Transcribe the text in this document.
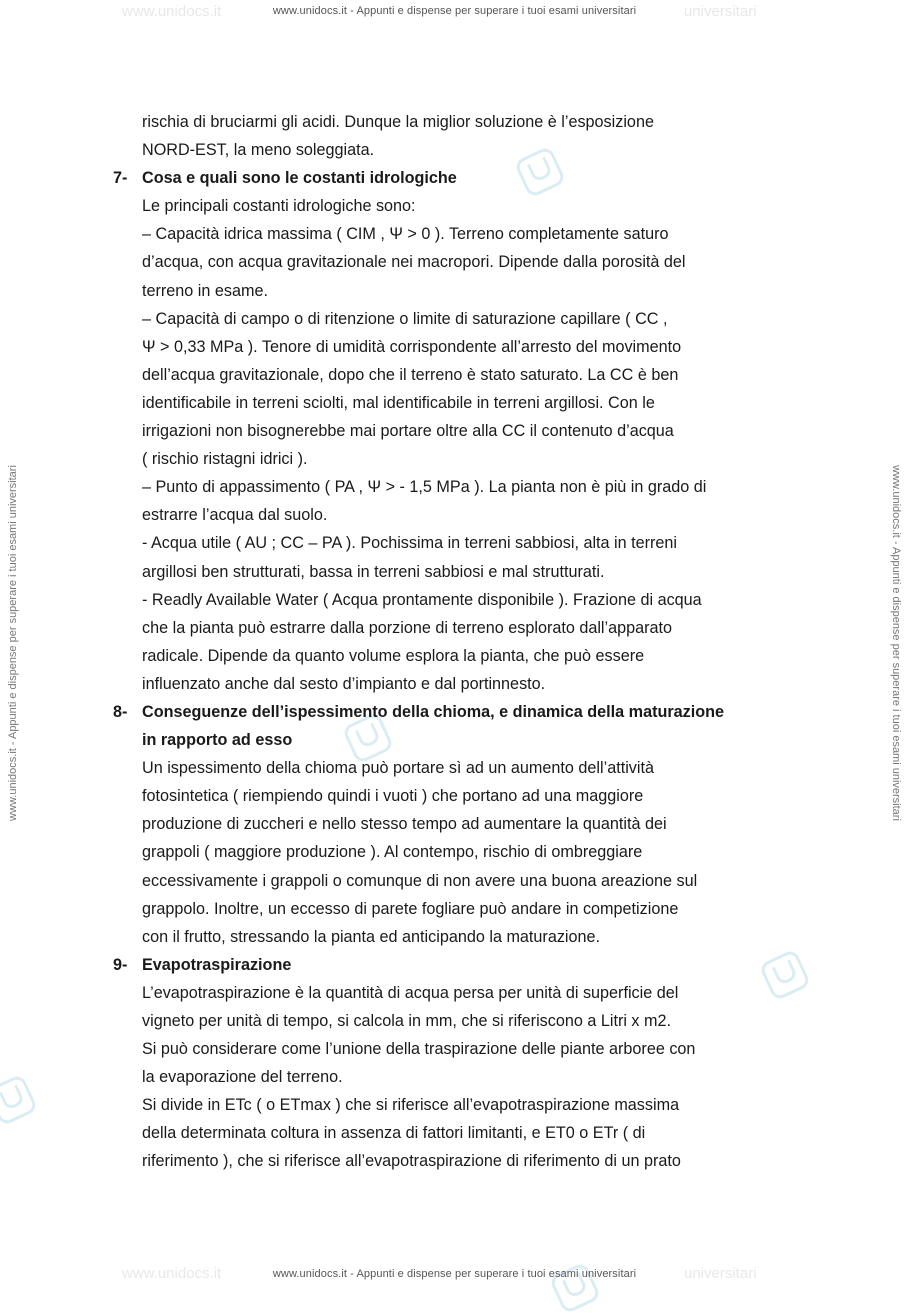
www.unidocs.it	universitari
www.unidocs.it	universitari
www.unidocs.it - Appunti e dispense per superare i tuoi esami universitari
www.unidocs.it - Appunti e dispense per superare i tuoi esami universitari
www.unidocs.it - Appunti e dispense per superare i tuoi esami universitari	www.unidocs.it - Appunti e dispense per superare i tuoi esami universitari

rischia di bruciarmi gli acidi. Dunque la miglior soluzione è l’esposizione

NORD-EST, la meno soleggiata.

7- Cosa e quali sono le costanti idrologiche

Le principali costanti idrologiche sono:

– Capacità idrica massima ( CIM , Ψ > 0 ). Terreno completamente saturo

d’acqua, con acqua gravitazionale nei macropori. Dipende dalla porosità del

terreno in esame.

– Capacità di campo o di ritenzione o limite di saturazione capillare ( CC ,

Ψ > 0,33 MPa ). Tenore di umidità corrispondente all’arresto del movimento

dell’acqua gravitazionale, dopo che il terreno è stato saturato. La CC è ben

identificabile in terreni sciolti, mal identificabile in terreni argillosi. Con le

irrigazioni non bisognerebbe mai portare oltre alla CC il contenuto d’acqua

( rischio ristagni idrici ).

– Punto di appassimento ( PA , Ψ > - 1,5 MPa ). La pianta non è più in grado di

estrarre l’acqua dal suolo.

- Acqua utile ( AU ; CC – PA ). Pochissima in terreni sabbiosi, alta in terreni

argillosi ben strutturati, bassa in terreni sabbiosi e mal strutturati.

- Readly Available Water ( Acqua prontamente disponibile ). Frazione di acqua

che la pianta può estrarre dalla porzione di terreno esplorato dall’apparato

radicale. Dipende da quanto volume esplora la pianta, che può essere

influenzato anche dal sesto d’impianto e dal portinnesto.

8- Conseguenze dell’ispessimento della chioma, e dinamica della maturazione

in rapporto ad esso

Un ispessimento della chioma può portare sì ad un aumento dell’attività

fotosintetica ( riempiendo quindi i vuoti ) che portano ad una maggiore

produzione di zuccheri e nello stesso tempo ad aumentare la quantità dei

grappoli ( maggiore produzione ). Al contempo, rischio di ombreggiare

eccessivamente i grappoli o comunque di non avere una buona areazione sul

grappolo. Inoltre, un eccesso di parete fogliare può andare in competizione

con il frutto, stressando la pianta ed anticipando la maturazione.

9- Evapotraspirazione

L’evapotraspirazione è la quantità di acqua persa per unità di superficie del

vigneto per unità di tempo, si calcola in mm, che si riferiscono a Litri x m2.

Si può considerare come l’unione della traspirazione delle piante arboree con

la evaporazione del terreno.

Si divide in ETc ( o ETmax ) che si riferisce all’evapotraspirazione massima

della determinata coltura in assenza di fattori limitanti, e ET0 o ETr ( di

riferimento ), che si riferisce all’evapotraspirazione di riferimento di un prato
